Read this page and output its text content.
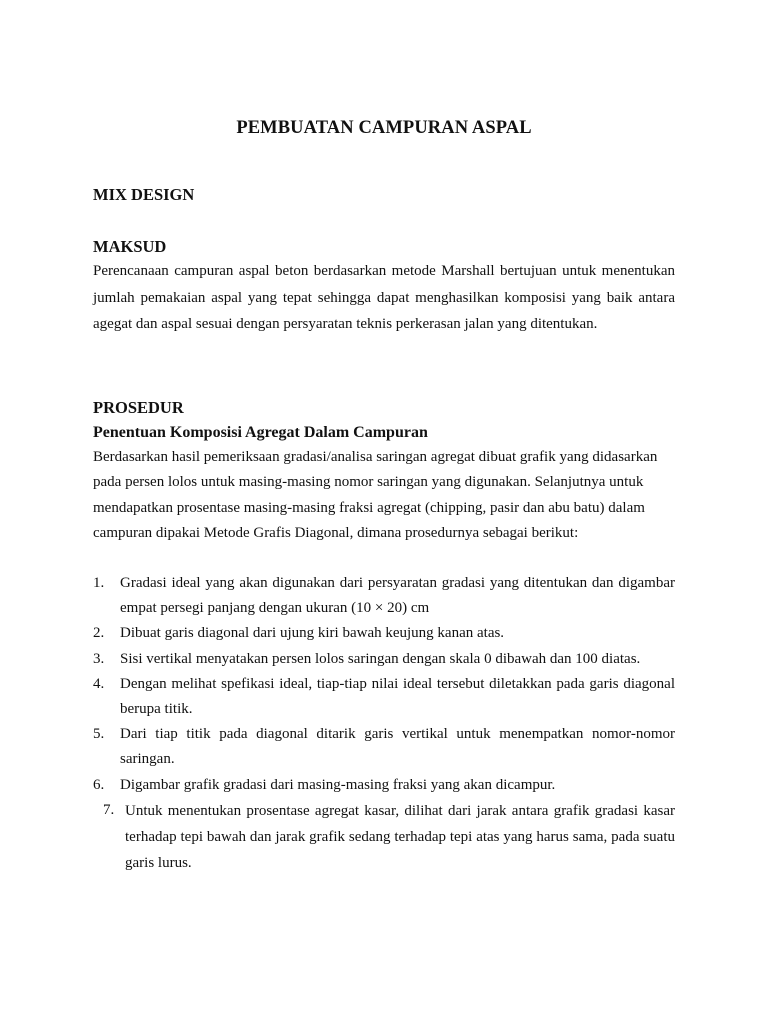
PEMBUATAN CAMPURAN ASPAL
MIX DESIGN
MAKSUD
Perencanaan campuran aspal beton berdasarkan metode Marshall bertujuan untuk menentukan jumlah pemakaian aspal yang tepat sehingga dapat menghasilkan komposisi yang baik antara agegat dan aspal sesuai dengan persyaratan teknis perkerasan jalan yang ditentukan.
PROSEDUR
Penentuan Komposisi Agregat Dalam Campuran
Berdasarkan hasil pemeriksaan gradasi/analisa saringan agregat dibuat grafik yang didasarkan pada persen lolos untuk masing-masing nomor saringan yang digunakan. Selanjutnya untuk mendapatkan prosentase masing-masing fraksi agregat (chipping, pasir dan abu batu) dalam campuran dipakai Metode Grafis Diagonal, dimana prosedurnya sebagai berikut:
1.	Gradasi ideal yang akan digunakan dari persyaratan gradasi yang ditentukan dan digambar empat persegi panjang dengan ukuran (10 × 20) cm
2.	Dibuat garis diagonal dari ujung kiri bawah keujung kanan atas.
3.	Sisi vertikal menyatakan persen lolos saringan dengan skala 0 dibawah dan 100 diatas.
4.	Dengan melihat spefikasi ideal, tiap-tiap nilai ideal tersebut diletakkan pada garis diagonal berupa titik.
5.	Dari tiap titik pada diagonal ditarik garis vertikal untuk menempatkan nomor-nomor saringan.
6.	Digambar grafik gradasi dari masing-masing fraksi yang akan dicampur.
7. Untuk menentukan prosentase agregat kasar, dilihat dari jarak antara grafik gradasi kasar terhadap tepi bawah dan jarak grafik sedang terhadap tepi atas yang harus sama, pada suatu garis lurus.
